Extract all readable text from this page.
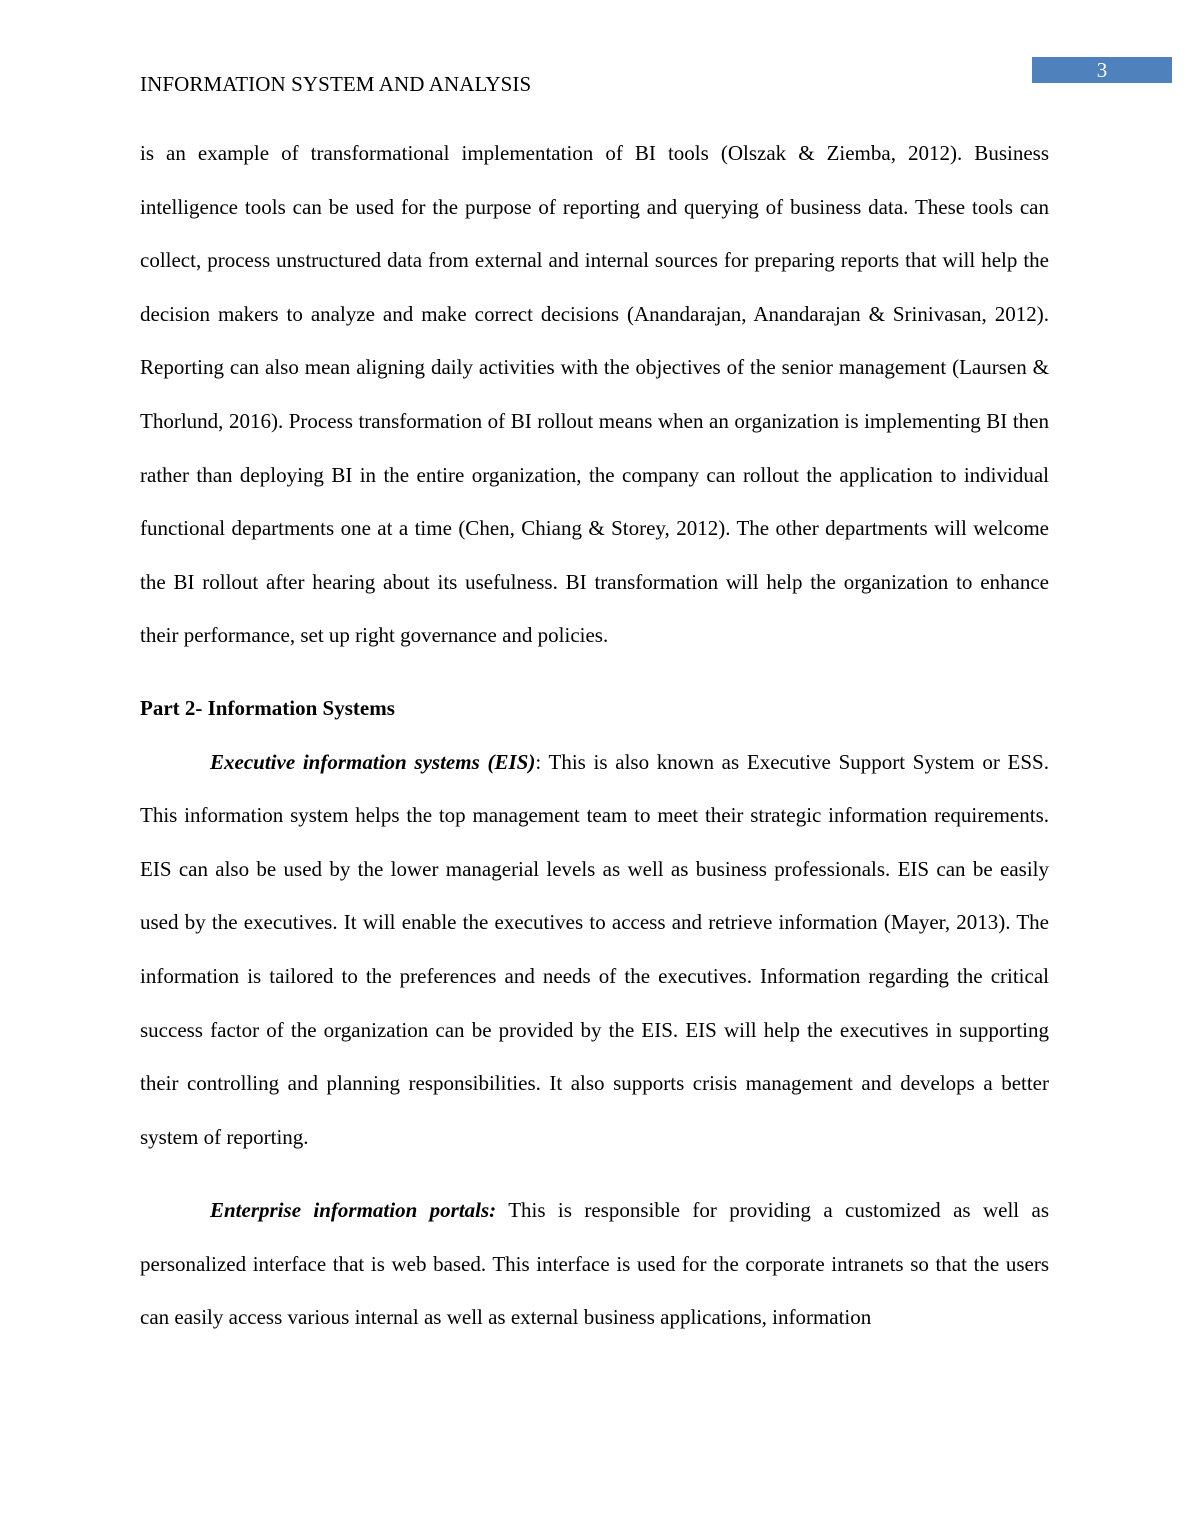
3
INFORMATION SYSTEM AND ANALYSIS

is an example of transformational implementation of BI tools (Olszak & Ziemba, 2012). Business intelligence tools can be used for the purpose of reporting and querying of business data. These tools can collect, process unstructured data from external and internal sources for preparing reports that will help the decision makers to analyze and make correct decisions (Anandarajan, Anandarajan & Srinivasan, 2012). Reporting can also mean aligning daily activities with the objectives of the senior management (Laursen & Thorlund, 2016). Process transformation of BI rollout means when an organization is implementing BI then rather than deploying BI in the entire organization, the company can rollout the application to individual functional departments one at a time (Chen, Chiang & Storey, 2012). The other departments will welcome the BI rollout after hearing about its usefulness. BI transformation will help the organization to enhance their performance, set up right governance and policies.

Part 2- Information Systems

Executive information systems (EIS): This is also known as Executive Support System or ESS. This information system helps the top management team to meet their strategic information requirements. EIS can also be used by the lower managerial levels as well as business professionals. EIS can be easily used by the executives. It will enable the executives to access and retrieve information (Mayer, 2013). The information is tailored to the preferences and needs of the executives. Information regarding the critical success factor of the organization can be provided by the EIS. EIS will help the executives in supporting their controlling and planning responsibilities. It also supports crisis management and develops a better system of reporting.

Enterprise information portals: This is responsible for providing a customized as well as personalized interface that is web based. This interface is used for the corporate intranets so that the users can easily access various internal as well as external business applications, information
